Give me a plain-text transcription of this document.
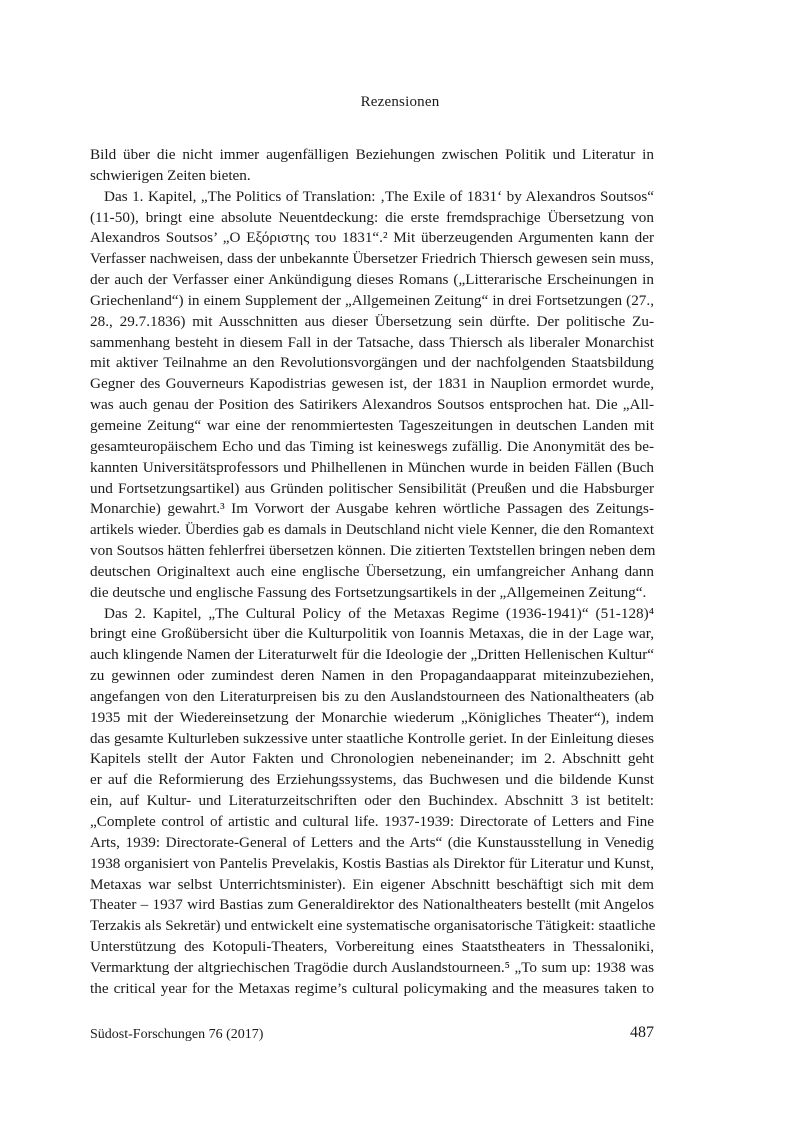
Rezensionen
Bild über die nicht immer augenfälligen Beziehungen zwischen Politik und Literatur in
schwierigen Zeiten bieten.
Das 1. Kapitel, „The Politics of Translation: ‚The Exile of 1831‘ by Alexandros Soutsos“
(11-50), bringt eine absolute Neuentdeckung: die erste fremdsprachige Übersetzung von
Alexandros Soutsos’ „Ο Εξόριστης του 1831“.² Mit überzeugenden Argumenten kann der
Verfasser nachweisen, dass der unbekannte Übersetzer Friedrich Thiersch gewesen sein muss,
der auch der Verfasser einer Ankündigung dieses Romans („Litterarische Erscheinungen in
Griechenland“) in einem Supplement der „Allgemeinen Zeitung“ in drei Fortsetzungen (27.,
28., 29.7.1836) mit Ausschnitten aus dieser Übersetzung sein dürfte. Der politische Zu-
sammenhang besteht in diesem Fall in der Tatsache, dass Thiersch als liberaler Monarchist
mit aktiver Teilnahme an den Revolutionsvorgängen und der nachfolgenden Staatsbildung
Gegner des Gouverneurs Kapodistrias gewesen ist, der 1831 in Nauplion ermordet wurde,
was auch genau der Position des Satirikers Alexandros Soutsos entsprochen hat. Die „All-
gemeine Zeitung“ war eine der renommiertesten Tageszeitungen in deutschen Landen mit
gesamteuropäischem Echo und das Timing ist keineswegs zufällig. Die Anonymität des be-
kannten Universitätsprofessors und Philhellenen in München wurde in beiden Fällen (Buch
und Fortsetzungsartikel) aus Gründen politischer Sensibilität (Preußen und die Habsburger
Monarchie) gewahrt.³ Im Vorwort der Ausgabe kehren wörtliche Passagen des Zeitungs-
artikels wieder. Überdies gab es damals in Deutschland nicht viele Kenner, die den Romantext
von Soutsos hätten fehlerfrei übersetzen können. Die zitierten Textstellen bringen neben dem
deutschen Originaltext auch eine englische Übersetzung, ein umfangreicher Anhang dann
die deutsche und englische Fassung des Fortsetzungsartikels in der „Allgemeinen Zeitung“.
Das 2. Kapitel, „The Cultural Policy of the Metaxas Regime (1936-1941)“ (51-128)⁴
bringt eine Großübersicht über die Kulturpolitik von Ioannis Metaxas, die in der Lage war,
auch klingende Namen der Literaturwelt für die Ideologie der „Dritten Hellenischen Kultur“
zu gewinnen oder zumindest deren Namen in den Propagandaapparat miteinzubeziehen,
angefangen von den Literaturpreisen bis zu den Auslandstourneen des Nationaltheaters (ab
1935 mit der Wiedereinsetzung der Monarchie wiederum „Königliches Theater“), indem
das gesamte Kulturleben sukzessive unter staatliche Kontrolle geriet. In der Einleitung dieses
Kapitels stellt der Autor Fakten und Chronologien nebeneinander; im 2. Abschnitt geht
er auf die Reformierung des Erziehungssystems, das Buchwesen und die bildende Kunst
ein, auf Kultur- und Literaturzeitschriften oder den Buchindex. Abschnitt 3 ist betitelt:
„Complete control of artistic and cultural life. 1937-1939: Directorate of Letters and Fine
Arts, 1939: Directorate-General of Letters and the Arts“ (die Kunstausstellung in Venedig
1938 organisiert von Pantelis Prevelakis, Kostis Bastias als Direktor für Literatur und Kunst,
Metaxas war selbst Unterrichtsminister). Ein eigener Abschnitt beschäftigt sich mit dem
Theater – 1937 wird Bastias zum Generaldirektor des Nationaltheaters bestellt (mit Angelos
Terzakis als Sekretär) und entwickelt eine systematische organisatorische Tätigkeit: staatliche
Unterstützung des Kotopuli-Theaters, Vorbereitung eines Staatstheaters in Thessaloniki,
Vermarktung der altgriechischen Tragödie durch Auslandstourneen.⁵ „To sum up: 1938 was
the critical year for the Metaxas regime’s cultural policymaking and the measures taken to
Südost-Forschungen 76 (2017)	487
